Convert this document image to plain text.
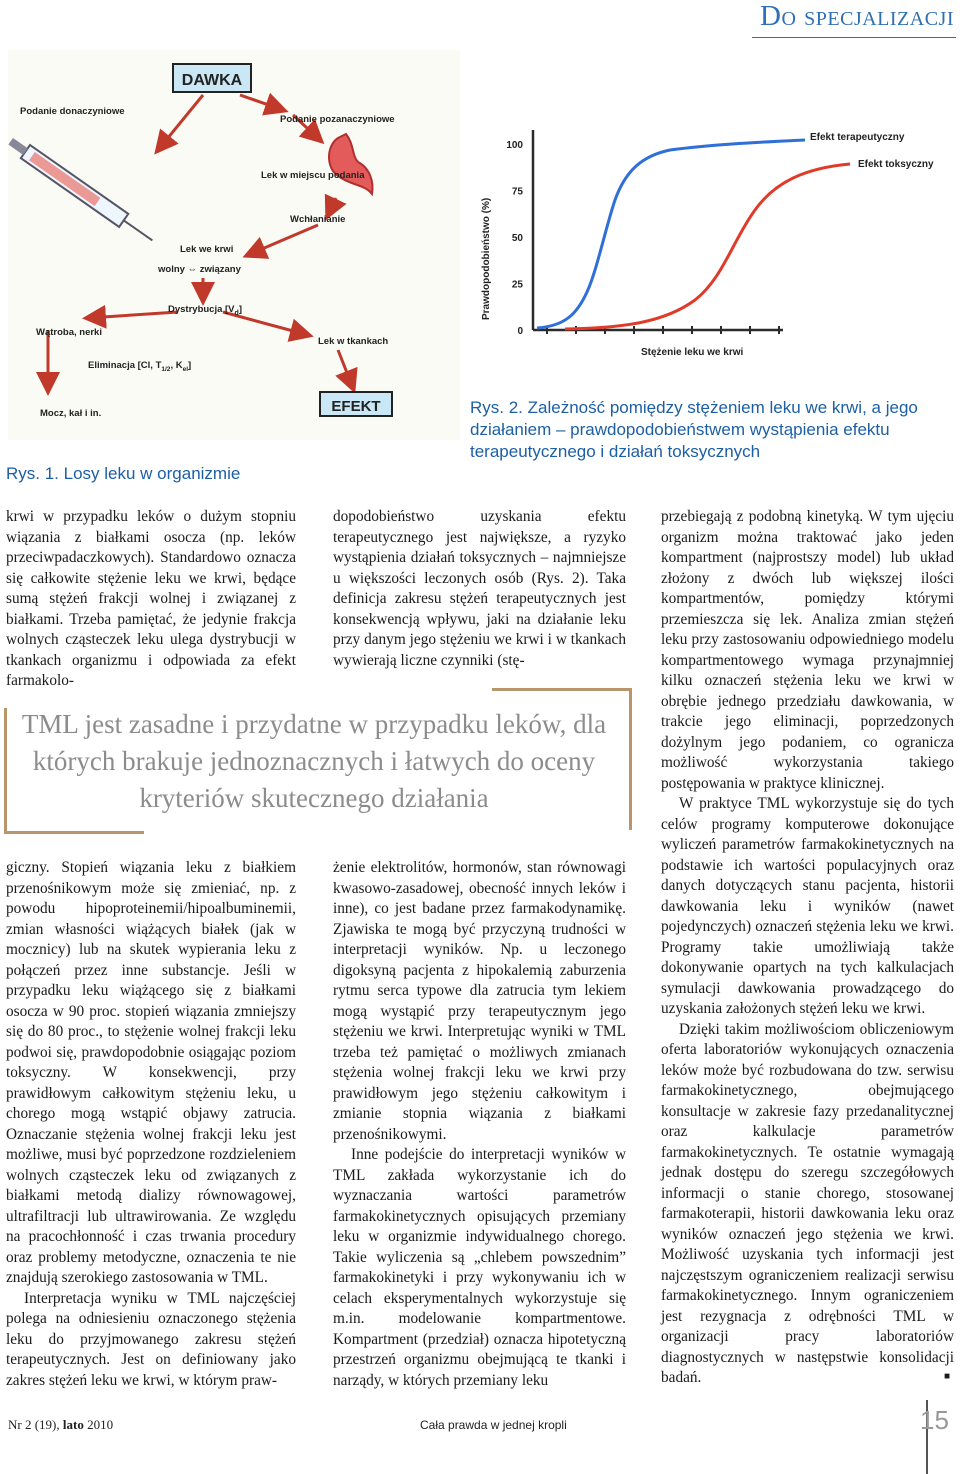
Do specjalizacji
DAWKA
Podanie donaczyniowe
Podanie pozanaczyniowe
Lek w miejscu podania
Wchłanianie
Lek we krwi
wolny ⇔ związany
Dystrybucja $[V_d]$
Wątroba, nerki
Lek w tkankach
Eliminacja [Cl, $T_{1/2}$, $K_{el}$]
Mocz, kał i in.	EFEKT
Rys. 1. Losy leku w organizmie
Prawdopodobieństwo (%)
0
25
50
75
100
Efekt terapeutyczny
Efekt toksyczny
Stężenie leku we krwi
Rys. 2. Zależność pomiędzy stężeniem leku we krwi, a jego działaniem – prawdopodobieństwem wystąpienia efektu terapeutycznego i działań toksycznych

krwi w przypadku leków o dużym stopniu wiązania z białkami osocza (np. leków przeciwpadaczkowych). Standardowo oznacza się całkowite stężenie leku we krwi, będące sumą stężeń frakcji wolnej i związanej z białkami. Trzeba pamiętać, że jedynie frakcja wolnych cząsteczek leku ulega dystrybucji w tkankach organizmu i odpowiada za efekt farmakolo-

dopodobieństwo uzyskania efektu terapeutycznego jest największe, a ryzyko wystąpienia działań toksycznych – najmniejsze u większości leczonych osób (Rys. 2). Taka definicja zakresu stężeń terapeutycznych jest konsekwencją wpływu, jaki na działanie leku przy danym jego stężeniu we krwi i w tkankach wywierają liczne czynniki (stę-

TML jest zasadne i przydatne w przypadku leków, dla których brakuje jednoznacznych i łatwych do oceny kryteriów skutecznego działania

giczny. Stopień wiązania leku z białkiem przenośnikowym może się zmieniać, np. z powodu hipoproteinemii/hipoalbuminemii, zmian własności wiążących białek (jak w mocznicy) lub na skutek wypierania leku z połączeń przez inne substancje. Jeśli w przypadku leku wiążącego się z białkami osocza w 90 proc. stopień wiązania zmniejszy się do 80 proc., to stężenie wolnej frakcji leku podwoi się, prawdopodobnie osiągając poziom toksyczny. W konsekwencji, przy prawidłowym całkowitym stężeniu leku, u chorego mogą wstąpić objawy zatrucia. Oznaczanie stężenia wolnej frakcji leku jest możliwe, musi być poprzedzone rozdzieleniem wolnych cząsteczek leku od związanych z białkami metodą dializy równowagowej, ultrafiltracji lub ultrawirowania. Ze względu na pracochłonność i czas trwania procedury oraz problemy metodyczne, oznaczenia te nie znajdują szerokiego zastosowania w TML.

Interpretacja wyniku w TML najczęściej polega na odniesieniu oznaczonego stężenia leku do przyjmowanego zakresu stężeń terapeutycznych. Jest on definiowany jako zakres stężeń leku we krwi, w którym praw-

żenie elektrolitów, hormonów, stan równowagi kwasowo-zasadowej, obecność innych leków i inne), co jest badane przez farmakodynamikę. Zjawiska te mogą być przyczyną trudności w interpretacji wyników. Np. u leczonego digoksyną pacjenta z hipokalemią zaburzenia rytmu serca typowe dla zatrucia tym lekiem mogą wystąpić przy terapeutycznym jego stężeniu we krwi. Interpretując wyniki w TML trzeba też pamiętać o możliwych zmianach stężenia wolnej frakcji leku we krwi przy prawidłowym jego stężeniu całkowitym i zmianie stopnia wiązania z białkami przenośnikowymi.

Inne podejście do interpretacji wyników w TML zakłada wykorzystanie ich do wyznaczania wartości parametrów farmakokinetycznych opisujących przemiany leku w organizmie indywidualnego chorego. Takie wyliczenia są „chlebem powszednim” farmakokinetyki i przy wykonywaniu ich w celach eksperymentalnych wykorzystuje się m.in. modelowanie kompartmentowe. Kompartment (przedział) oznacza hipotetyczną przestrzeń organizmu obejmującą te tkanki i narządy, w których przemiany leku

przebiegają z podobną kinetyką. W tym ujęciu organizm można traktować jako jeden kompartment (najprostszy model) lub układ złożony z dwóch lub większej ilości kompartmentów, pomiędzy którymi przemieszcza się lek. Analiza zmian stężeń leku przy zastosowaniu odpowiedniego modelu kompartmentowego wymaga przynajmniej kilku oznaczeń stężenia leku we krwi w obrębie jednego przedziału dawkowania, w trakcie jego eliminacji, poprzedzonych dożylnym jego podaniem, co ogranicza możliwość wykorzystania takiego postępowania w praktyce klinicznej.

W praktyce TML wykorzystuje się do tych celów programy komputerowe dokonujące wyliczeń parametrów farmakokinetycznych na podstawie ich wartości populacyjnych oraz danych dotyczących stanu pacjenta, historii dawkowania leku i wyników (nawet pojedynczych) oznaczeń stężenia leku we krwi. Programy takie umożliwiają także dokonywanie opartych na tych kalkulacjach symulacji dawkowania prowadzącego do uzyskania założonych stężeń leku we krwi.

Dzięki takim możliwościom obliczeniowym oferta laboratoriów wykonujących oznaczenia leków może być rozbudowana do tzw. serwisu farmakokinetycznego, obejmującego konsultacje w zakresie fazy przedanalitycznej oraz kalkulacje parametrów farmakokinetycznych. Te ostatnie wymagają jednak dostępu do szeregu szczegółowych informacji o stanie chorego, stosowanej farmakoterapii, historii dawkowania leku oraz wyników oznaczeń jego stężenia we krwi. Możliwość uzyskania tych informacji jest najczęstszym ograniczeniem realizacji serwisu farmakokinetycznego. Innym ograniczeniem jest rezygnacja z odrębności TML w organizacji pracy laboratoriów diagnostycznych w następstwie konsolidacji badań.	■
Nr 2 (19), lato 2010	Cała prawda w jednej kropli	15
